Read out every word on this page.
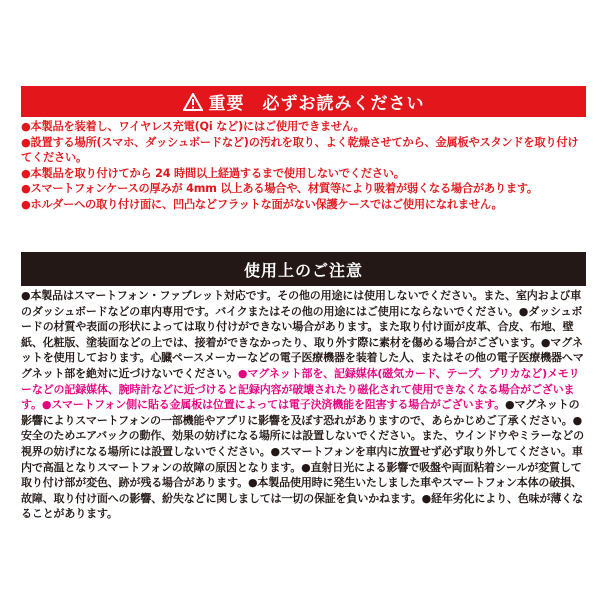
重要　必ずお読みください

●本製品を装着し、ワイヤレス充電(Qi など)にはご使用できません。

●設置する場所(スマホ、ダッシュボードなど)の汚れを取り、よく乾燥させてから、金属板やスタンドを取り付けてください。

●本製品を取り付けてから 24 時間以上経過するまで使用しないでください。

●スマートフォンケースの厚みが 4mm 以上ある場合や、材質等により吸着が弱くなる場合があります。

●ホルダーへの取り付け面に、凹凸などフラットな面がない保護ケースではご使用になれません。

使用上のご注意
●本製品はスマートフォン・ファブレット対応です。その他の用途には使用しないでください。また、室内および車のダッシュボードなどの車内専用です。バイクまたはその他の用途にはご使用にならないでください。●ダッシュボードの材質や表面の形状によっては取り付けができない場合があります。また取り付け面が皮革、合皮、布地、壁紙、化粧版、塗装面などの上では、接着ができなかったり、取り外す際に素材を傷める場合がございます。●マグネットを使用しております。心臓ペースメーカーなどの電子医療機器を装着した人、またはその他の電子医療機器へマグネット部を絶対に近づけないでください。●マグネット部を、記録媒体(磁気カード、テープ、プリカなど)メモリーなどの記録媒体、腕時計などに近づけると記録内容が破壊されたり磁化されて使用できなくなる場合がございます。●スマートフォン側に貼る金属板は位置によっては電子決済機能を阻害する場合がございます。●マグネットの影響によりスマートフォンの一部機能やアプリに影響を及ぼす恐れがありますので、あらかじめご了承ください。●安全のためエアバックの動作、効果の妨げになる場所には設置しないでください。また、ウインドウやミラーなどの視界の妨げになる場所には設置しないでください。●スマートフォンを車内に放置せず必ず取り外してください。車内で高温となりスマートフォンの故障の原因となります。●直射日光による影響で吸盤や両面粘着シールが変質して取り付け部が変色、跡が残る場合があります。●本製品使用時に発生いたしました車やスマートフォン本体の破損、故障、取り付け面への影響、紛失などに関しましては一切の保証を負いかねます。●経年劣化により、色味が薄くなることがあります。
